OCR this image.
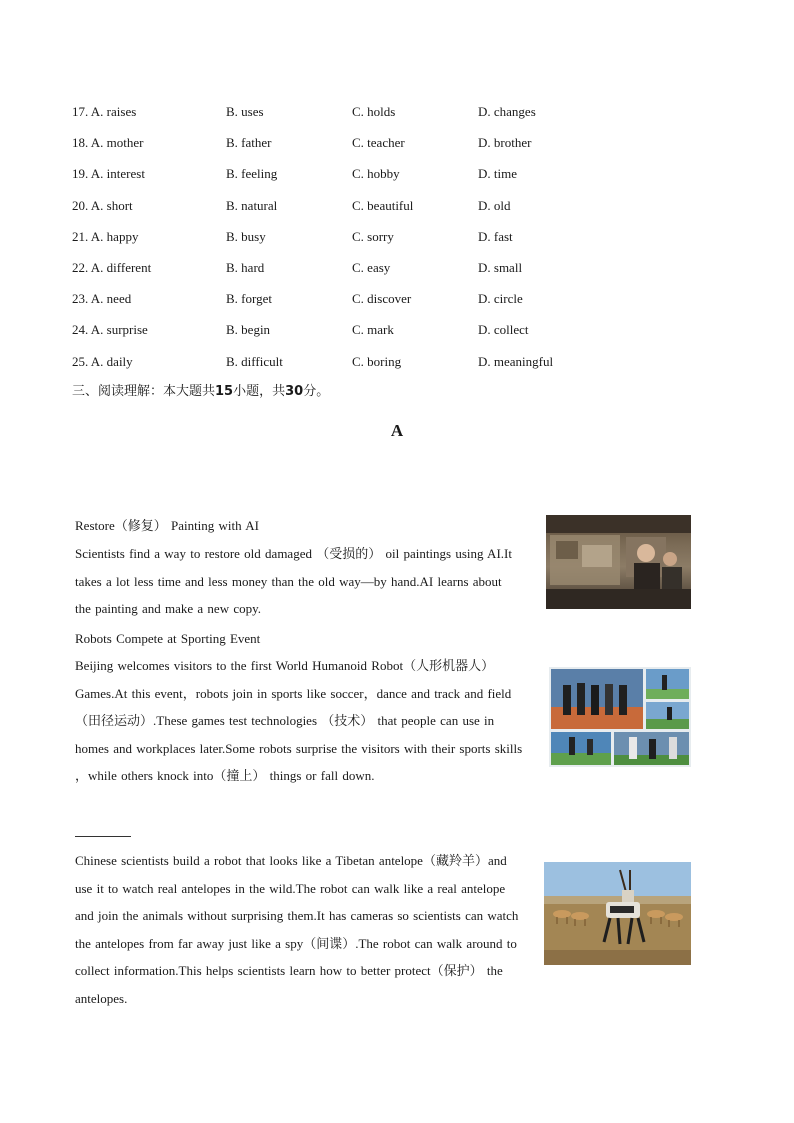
17. A. raises	B. uses	C. holds	D. changes
18. A. mother	B. father	C. teacher	D. brother
19. A. interest	B. feeling	C. hobby	D. time
20. A. short	B. natural	C. beautiful	D. old
21. A. happy	B. busy	C. sorry	D. fast
22. A. different	B. hard	C. easy	D. small
23. A. need	B. forget	C. discover	D. circle
24. A. surprise	B. begin	C. mark	D. collect
25. A. daily	B. difficult	C. boring	D. meaningful
三、阅读理解：本大题共15小题，共30分。
A
Restore（修复） Painting with AI
Scientists find a way to restore old damaged （受损的） oil paintings using AI.It takes a lot less time and less money than the old way—by hand.AI learns about the painting and make a new copy.
Robots Compete at Sporting Event
Beijing welcomes visitors to the first World Humanoid Robot（人形机器人）Games.At this event，robots join in sports like soccer，dance and track and field （田径运动）.These games test technologies （技术） that people can use in homes and workplaces later.Some robots surprise the visitors with their sports skills ，while others knock into（撞上） things or fall down.
Chinese scientists build a robot that looks like a Tibetan antelope（藏羚羊）and use it to watch real antelopes in the wild.The robot can walk like a real antelope and join the animals without surprising them.It has cameras so scientists can watch the antelopes from far away just like a spy（间谍）.The robot can walk around to collect information.This helps scientists learn how to better protect（保护） the antelopes.
